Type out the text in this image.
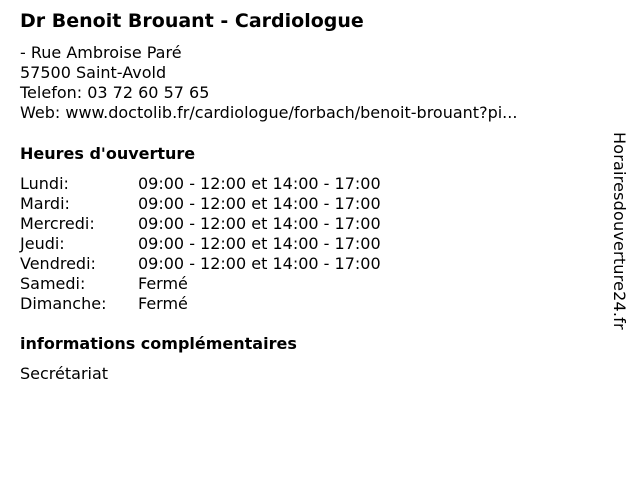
Dr Benoit Brouant - Cardiologue
- Rue Ambroise Paré
57500 Saint-Avold
Telefon: 03 72 60 57 65
Web: www.doctolib.fr/cardiologue/forbach/benoit-brouant?pi...
Heures d'ouverture
Lundi:	09:00 - 12:00 et 14:00 - 17:00
Mardi:	09:00 - 12:00 et 14:00 - 17:00
Mercredi:	09:00 - 12:00 et 14:00 - 17:00
Jeudi:	09:00 - 12:00 et 14:00 - 17:00
Vendredi:	09:00 - 12:00 et 14:00 - 17:00
Samedi:	Fermé
Dimanche:	Fermé
informations complémentaires
Secrétariat
Horairesdouverture24.fr
